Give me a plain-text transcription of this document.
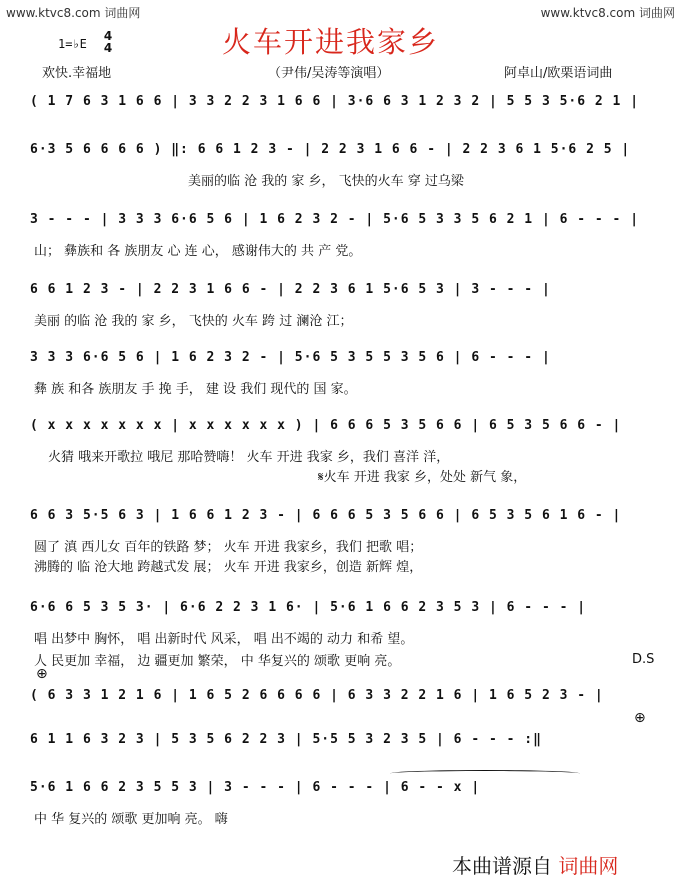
www.ktvc8.com 词曲网	www.ktvc8.com 词曲网
1=♭E
4
4	火车开进我家乡
欢快.幸福地	（尹伟/吴涛等演唱）	阿卓山/欧栗语词曲
( 1 7 6 3 1 6 6 | 3 3 2 2 3 1 6 6 | 3·6 6 3 1 2 3 2 | 5 5 3 5·6 2 1 |
6·3 5 6 6 6 6 ) ‖: 6 6 1 2 3 - | 2 2 3 1 6 6 - | 2 2 3 6 1 5·6 2 5 |
美丽的临 沧 我的 家 乡， 飞快的火车 穿 过乌梁
3 - - - | 3 3 3 6·6 5 6 | 1 6 2 3 2 - | 5·6 5 3 3 5 6 2 1 | 6 - - - |
山； 彝族和 各 族朋友 心 连 心， 感谢伟大的 共 产 党。
6 6 1 2 3 - | 2 2 3 1 6 6 - | 2 2 3 6 1 5·6 5 3 | 3 - - - |
美丽 的临 沧 我的 家 乡， 飞快的 火车 跨 过 澜沧 江；
3 3 3 6·6 5 6 | 1 6 2 3 2 - | 5·6 5 3 5 5 3 5 6 | 6 - - - |
彝 族 和各 族朋友 手 挽 手， 建 设 我们 现代的 国 家。
( x x x x x x x | x x x x x x ) | 6 6 6 5 3 5 6 6 | 6 5 3 5 6 6 - |
火猜 哦来开歌拉 哦尼 那哈赞嗨！ 火车 开进 我家 乡，我们 喜洋 洋，
𝄋火车 开进 我家 乡，处处 新气 象，
6 6 3 5·5 6 3 | 1 6 6 1 2 3 - | 6 6 6 5 3 5 6 6 | 6 5 3 5 6 1 6 - |
圆了 滇 西儿女 百年的铁路 梦； 火车 开进 我家乡，我们 把歌 唱；
沸腾的 临 沧大地 跨越式发 展； 火车 开进 我家乡，创造 新辉 煌，
6·6 6 5 3 5 3· | 6·6 2 2 3 1 6· | 5·6 1 6 6 2 3 5 3 | 6 - - - |
唱 出梦中 胸怀， 唱 出新时代 风采， 唱 出不竭的 动力 和希 望。
人 民更加 幸福， 边 疆更加 繁荣， 中 华复兴的 颂歌 更响 亮。	D.S
⊕
( 6 3 3 1 2 1 6 | 1 6 5 2 6 6 6 6 | 6 3 3 2 2 1 6 | 1 6 5 2 3 - |
⊕
6 1 1 6 3 2 3 | 5 3 5 6 2 2 3 | 5·5 5 3 2 3 5 | 6 - - - :‖
5·6 1 6 6 2 3 5 5 3 | 3 - - - | 6 - - - | 6 - - x |
中 华 复兴的 颂歌 更加响 亮。 嗨
本曲谱源自 词曲网
